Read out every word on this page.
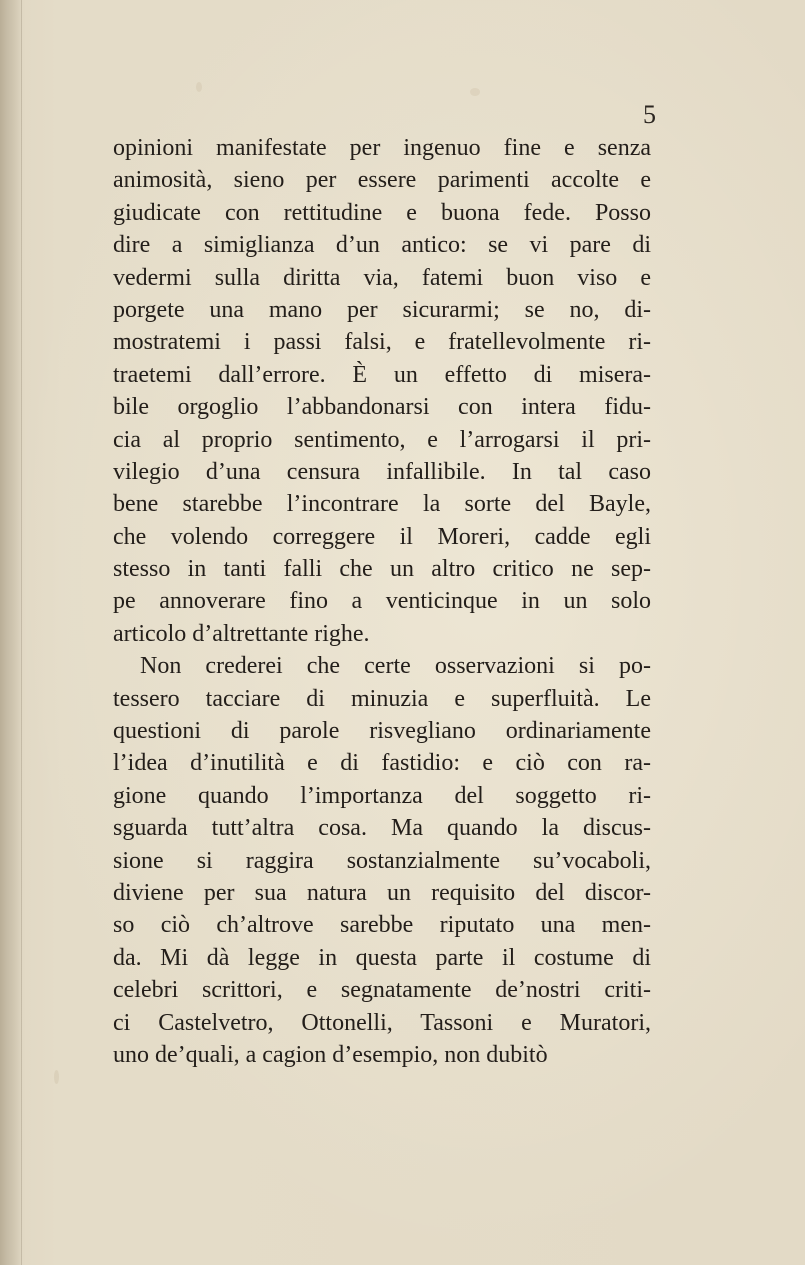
5
opinioni manifestate per ingenuo fine e senza
animosità, sieno per essere parimenti accolte e
giudicate con rettitudine e buona fede. Posso
dire a simiglianza d’un antico: se vi pare di
vedermi sulla diritta via, fatemi buon viso e
porgete una mano per sicurarmi; se no, di-
mostratemi i passi falsi, e fratellevolmente ri-
traetemi dall’errore. È un effetto di misera-
bile orgoglio l’abbandonarsi con intera fidu-
cia al proprio sentimento, e l’arrogarsi il pri-
vilegio d’una censura infallibile. In tal caso
bene starebbe l’incontrare la sorte del Bayle,
che volendo correggere il Moreri, cadde egli
stesso in tanti falli che un altro critico ne sep-
pe annoverare fino a venticinque in un solo
articolo d’altrettante righe.
Non crederei che certe osservazioni si po-
tessero tacciare di minuzia e superfluità. Le
questioni di parole risvegliano ordinariamente
l’idea d’inutilità e di fastidio: e ciò con ra-
gione quando l’importanza del soggetto ri-
sguarda tutt’altra cosa. Ma quando la discus-
sione si raggira sostanzialmente su’vocaboli,
diviene per sua natura un requisito del discor-
so ciò ch’altrove sarebbe riputato una men-
da. Mi dà legge in questa parte il costume di
celebri scrittori, e segnatamente de’nostri criti-
ci Castelvetro, Ottonelli, Tassoni e Muratori,
uno de’quali, a cagion d’esempio, non dubitò
